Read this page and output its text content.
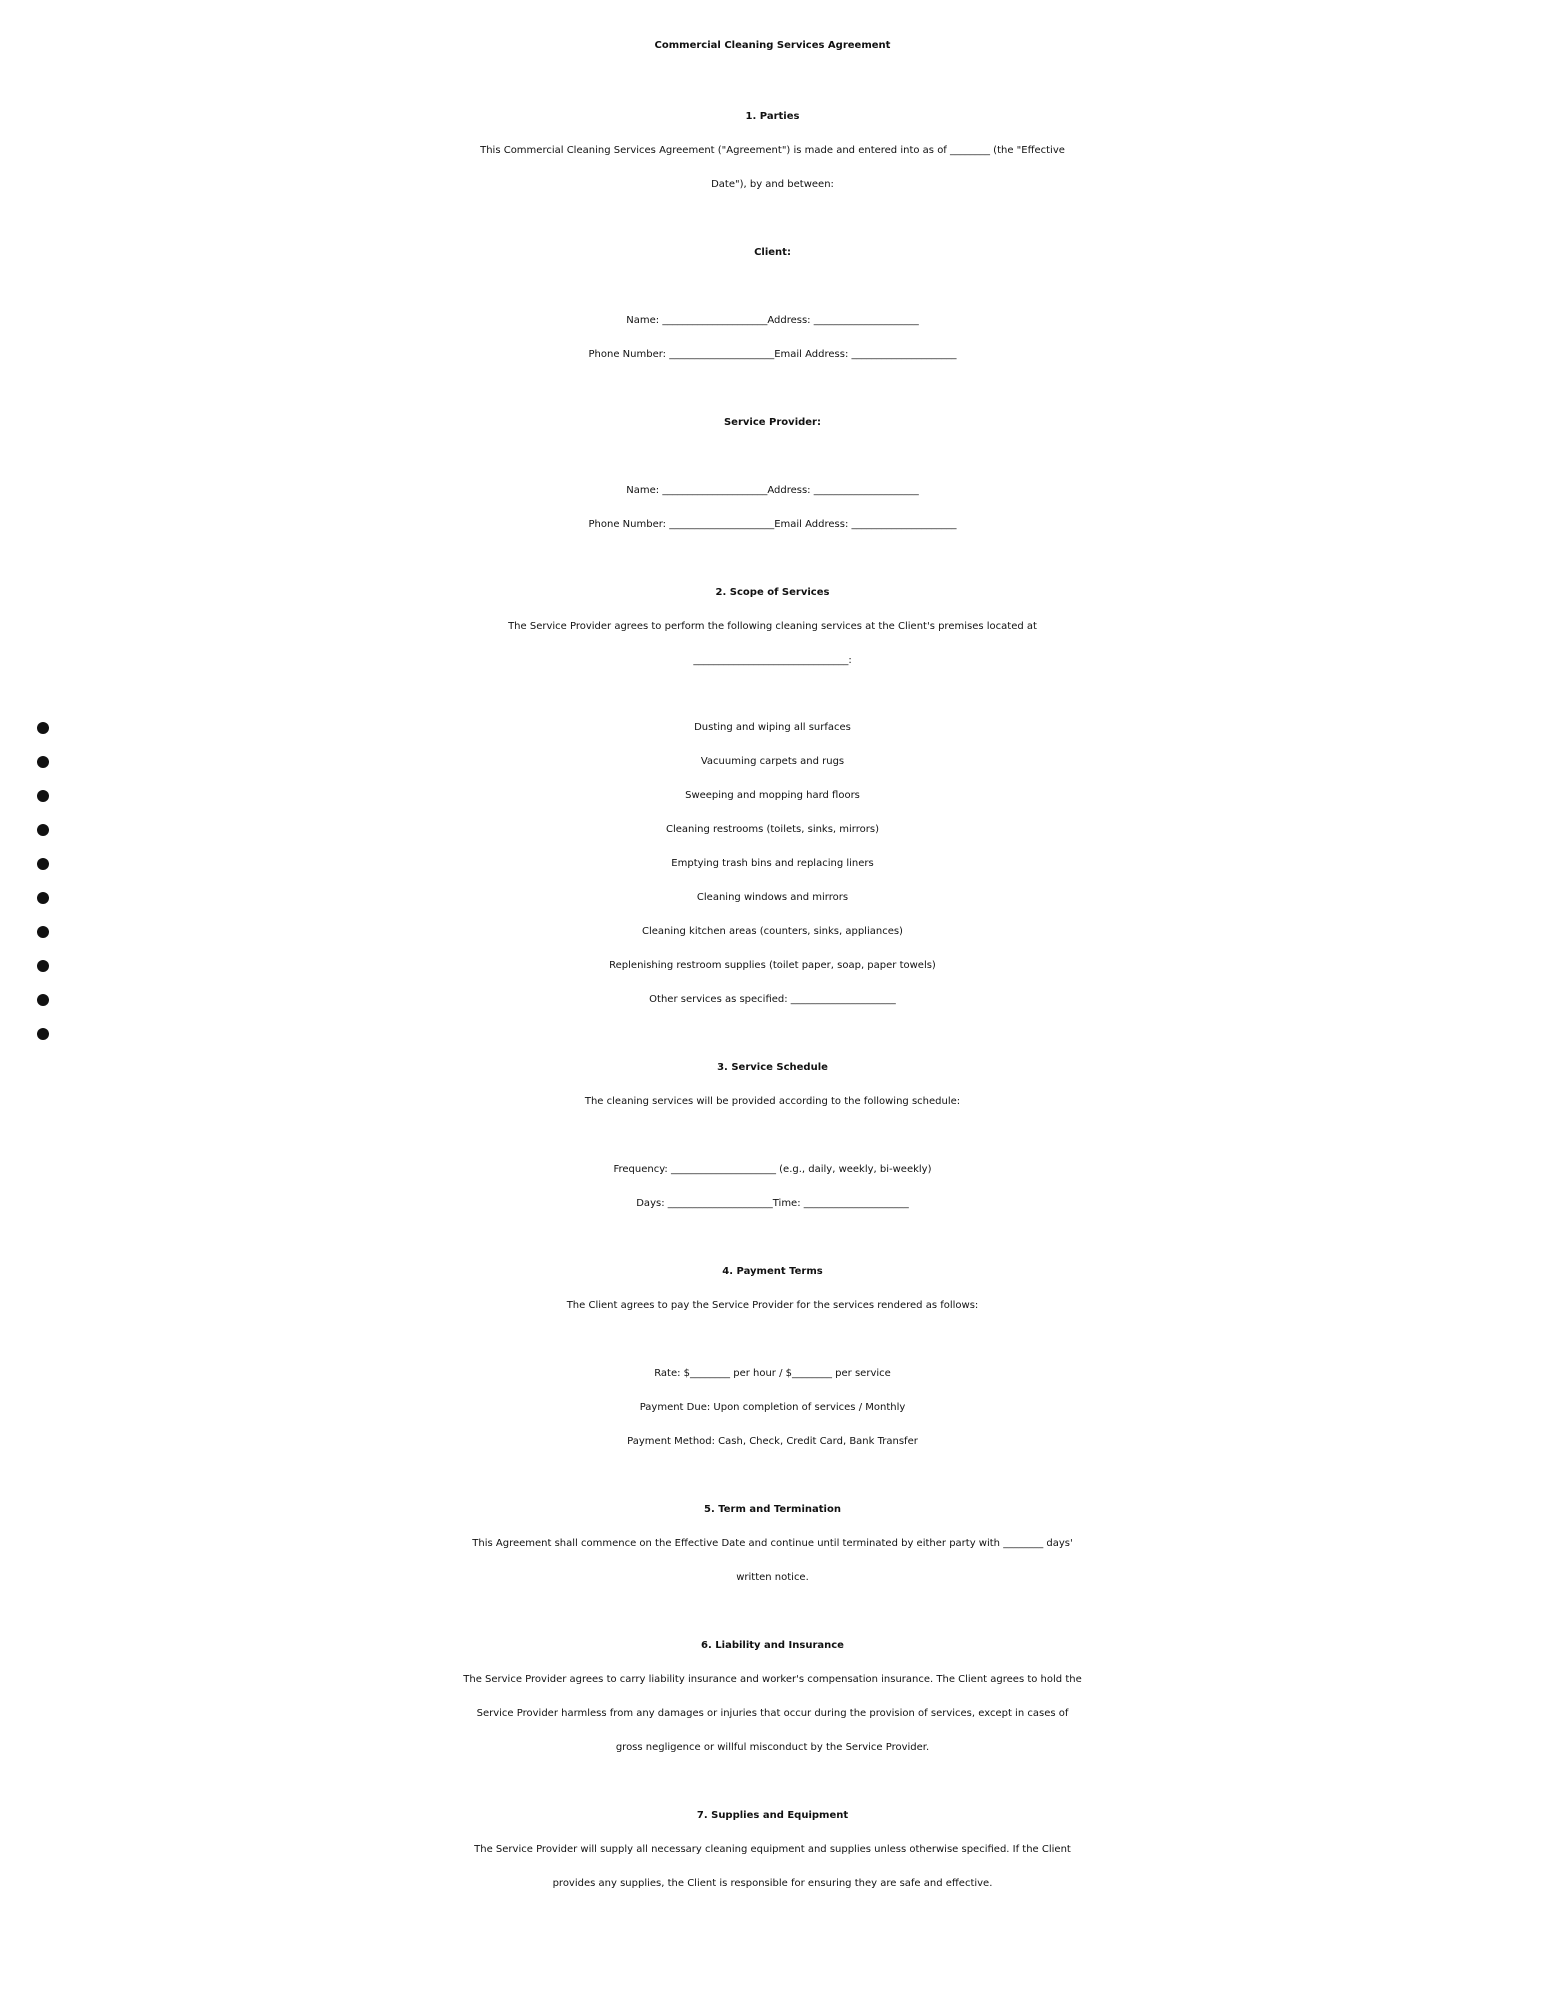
Commercial Cleaning Services Agreement
1. Parties
This Commercial Cleaning Services Agreement ("Agreement") is made and entered into as of ________ (the "Effective
Date"), by and between:
Client:
Name: _____________________Address: _____________________
Phone Number: _____________________Email Address: _____________________
Service Provider:
Name: _____________________Address: _____________________
Phone Number: _____________________Email Address: _____________________
2. Scope of Services
The Service Provider agrees to perform the following cleaning services at the Client's premises located at
_______________________________:
Dusting and wiping all surfaces
Vacuuming carpets and rugs
Sweeping and mopping hard floors
Cleaning restrooms (toilets, sinks, mirrors)
Emptying trash bins and replacing liners
Cleaning windows and mirrors
Cleaning kitchen areas (counters, sinks, appliances)
Replenishing restroom supplies (toilet paper, soap, paper towels)
Other services as specified: _____________________
3. Service Schedule
The cleaning services will be provided according to the following schedule:
Frequency: _____________________ (e.g., daily, weekly, bi-weekly)
Days: _____________________Time: _____________________
4. Payment Terms
The Client agrees to pay the Service Provider for the services rendered as follows:
Rate: $________ per hour / $________ per service
Payment Due: Upon completion of services / Monthly
Payment Method: Cash, Check, Credit Card, Bank Transfer
5. Term and Termination
This Agreement shall commence on the Effective Date and continue until terminated by either party with ________ days'
written notice.
6. Liability and Insurance
The Service Provider agrees to carry liability insurance and worker's compensation insurance. The Client agrees to hold the
Service Provider harmless from any damages or injuries that occur during the provision of services, except in cases of
gross negligence or willful misconduct by the Service Provider.
7. Supplies and Equipment
The Service Provider will supply all necessary cleaning equipment and supplies unless otherwise specified. If the Client
provides any supplies, the Client is responsible for ensuring they are safe and effective.
